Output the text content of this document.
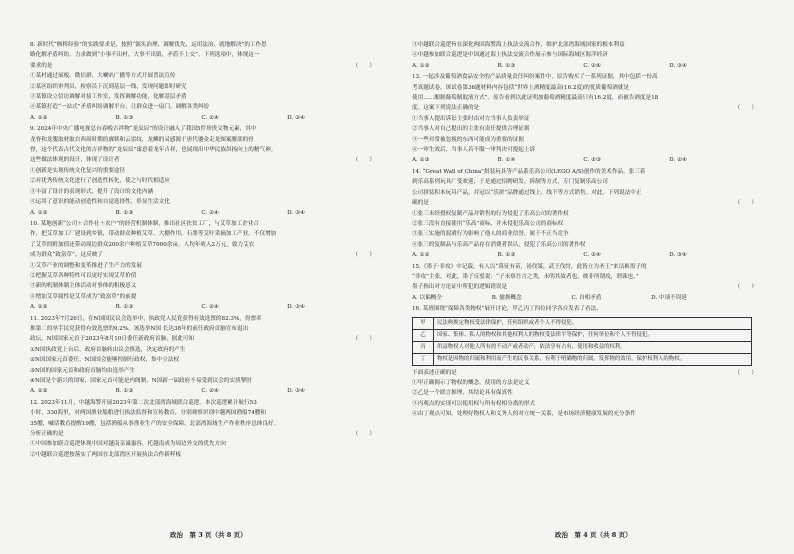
8. 新时代“枫桥经验”的实践要求是，按照“源头治理、调解优先、运用法治、就地解决”的工作思

路化解矛盾纠纷，力求做到“小事不出村，大事不出镇，矛盾不上交”。下列选项中，体现这一

要求的是	（　　）

①某村通过展板、微信群、大喇叭广播等方式开展普法宣传

②某区组织审判员、检察员下沉到基层一线，发现问题即时研究

③某镇设立信访调解对接工作室，发挥调解功能，化解基层矛盾

④某镇打造“一站式”矛盾纠纷调解平台，让群众进一扇门，调解各类纠纷

A. ①②	B. ①③	C. ②④	D. ③④

9. 2024年中央广播电视总台春晚吉祥物“龙辰辰”的设计融入了我国5件珍贵文物元素，其中

龙脊和龙腹取材取自西周时期的廓犊和云雷纹，龙鳞的灵感源于唐代鎏金走龙图案腰部的骨

脊，这个代表古代文化的吉祥物的“龙辰辰”寓意着龙年吉祥，也展现出中华民族昂扬向上的精气神。

这些做法体现的设计，体现了设计者	（　　）

①创新是实现传统文化复兴的重要途径

②对优秀传统文化进行了创造性转化，使之与时代相适应

③丰富了设计的表现形式，提升了设计的文化内涵

④运用了意识的能动创造性和自觉选择性，彰显生活文化

A. ①②	B. ①③	C. ②④	D. ③④

10. 某地创新“公司＋合作社＋农户”的经营机制体制，推出社区扶贫工厂，与艾草加工企业合

作，把艾草加工厂建设到乡镇，带动群众种植艾草、大棚作用、石墨等艾叶采摘加工产业，不仅增加

了艾草的附加值还带动周边群众200余户种植艾草7000余亩，人均年收入2万元，致力艾农

成为群众“致富草”。这反映了	（　　）

①艾草产业的调整和变革推进了生产力的发展

②把握艾草各种特性可以更好实现艾草价值

③新的机制体制主体活动对事体的积极意义

④增加艾草属性是艾草成为“致富草”的前提

A. ①②	B. ①③	C. ②④	D. ③④

11. 2023年7月26日，在N国国民议会选举中，执政党人民党获得有效选票的82.3%，得票率

推第二的举手民党获得有效选票的9.2%。该选举N国 长达38年的前任政府首脑宣布退出

政坛，N国国家元首于2023年8月10日委任新政府首脑。据此可知	（　　）

①N国执政党上台后，政府首脑转由议会推选，决定政府的产生

②N国国家元首委任，N国国会能够控制行政权，集中立法权

③N国的国家元首和政府首脑均由选举产生

④N国是个新兴的国家，国家元首可能是内阁制，N国新一届政府不易受到议会的实质掣肘

A. ①②	B. ①③	C. ②④	D. ③④

12. 2023年11月，中越海警开展2023年第二次北部湾海域联合巡逻。本次巡逻累计航行53

小时，330海里，对两国渔业船舶进行执法监督和宣传教育，分别观察识别中越两国渔船74艘和

35艘，喊话教育提醒19艘，包括渔船从事渔业生产的安全保障，北部湾海域生产作业秩序总体良好。

分析正确的是	（　　）

①中国参加联合巡逻体现中国对越南亲诚惠容，托越南成为周边外交的优先方向

②中越联合巡逻按落实了两国在北部湾区开展执法合作新样板

政治　第 3 页（共 8 页）

③中越联合巡逻旨在深化两国海警海上执法交流合作，维护北部湾海域国家的根本利益

④中越参加联合巡逻是中国通过海上执法交流合作展示参与国际海域区海洋经济

A. ①②	B. ①③	C. ②④	D. ③④

13. 一起涉及葡萄酒食品安全的产品质量责任纠纷案件中，原告购买了一系列证据，其中包括一份高

考真题试卷，该试卷第36题材料内容包括“世界上酒精度最高(16.2度)的优质葡萄酒就是

使用……酿制葡萄制取液方式”。原告看到以此证明加葡萄酒精度最高只有16.2度，而被告酒度是18

度。这案下列说法正确的是	（　　）

①当事人提出诉讼主张时由对方当事人负责举证

②当事人对自己提出的主张有责任提供合理证据

③一些对常被忽视的东西可能成为重要的证据

④一审生效后，当事人若不服一审判决可提起上诉

A. ①③	B. ①④	C. ②③	D. ②④

14. “Great Wall of China”拼装玩具等产品系乐高公司(LEGO A/S)创作的美术作品。张三着

到乐高系列玩具广受欢迎，于是通过招聘研发、拆制等方式，专门复制乐高公司

公司拼装积木玩具产品，并冠以“乐拼”品牌通过线上、线下等方式销售。对此，下列说法中正

确的是	（　　）

①张三未经授权复制产品并销售的行为侵犯了乐高公司的著作权

②张三没有直接使用“乐高”商标，并未侵犯乐高公司的商标权

③张三实施的混淆行为影响了他人的商业信誉，属于不正当竞争

④张三的复制品与乐高产品存在消费者误认，侵犯了乐高公司的著作权

A. ①②	B. ①③	C. ②④	D. ③④

15.《墨子·非攻》中记载，有人以“禹征有苗，汤伐桀，武王伐纣，此皆立为圣王”来诘难墨子的

“非攻”主张。对此，墨子反驳说：“子未察吾言之类，未明其故者也。彼非所谓攻，谓诛也。”

墨子指出对方论证中所犯的逻辑错误是	（　　）

A. 以偏概全	B. 偷换概念	C. 自相矛盾	D. 中项不周延

16. 某班围绕“保障各类物权”展开讨论，甲乙丙丁四位同学各自发表了看法。

甲	民法典规定物权受法律保护，任何组织或者个人不得侵犯。
乙	国家、集体、私人的物权和其他权利人的物权受法律平等保护，任何单位和个人不得侵犯。
丙	用益物权人对他人所有的不动产或者动产，依法享有占有、使用和收益的权利。
丁	物权是因物的归属和利用而产生的民事关系，有利于明确物的归属，发挥物的效用，保护权利人的物权。

下面表述正确的是	（　　）

①甲正确揭示了物权的概念，使用的方法是定义

②乙是一个联言推理，其结论具有保真性

③丙观点的实现可以使用权与所有权相分离的形式

④由丁观点可知，处理好物权人和义务人的对立统一关系，是市场经济健康发展的充分条件

政治　第 4 页（共 8 页）
